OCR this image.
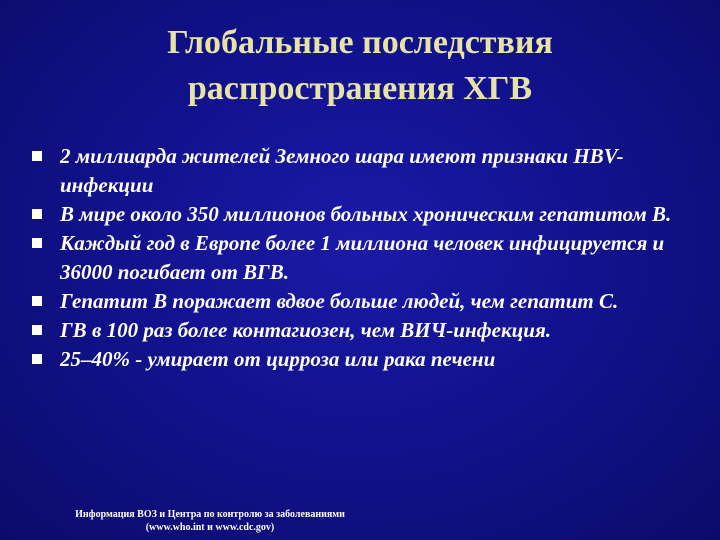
Глобальные последствия
распространения ХГВ
2 миллиарда жителей Земного шара имеют признаки HBV-инфекции
В мире около 350 миллионов больных хроническим гепатитом В.
Каждый год в Европе более 1 миллиона человек инфицируется и 36000 погибает от ВГВ.
Гепатит В поражает вдвое больше людей, чем гепатит С.
ГВ в 100 раз более контагиозен, чем ВИЧ-инфекция.
25–40% - умирает от цирроза или рака печени
Информация ВОЗ и Центра по контролю за заболеваниями
(www.who.int и www.cdc.gov)
